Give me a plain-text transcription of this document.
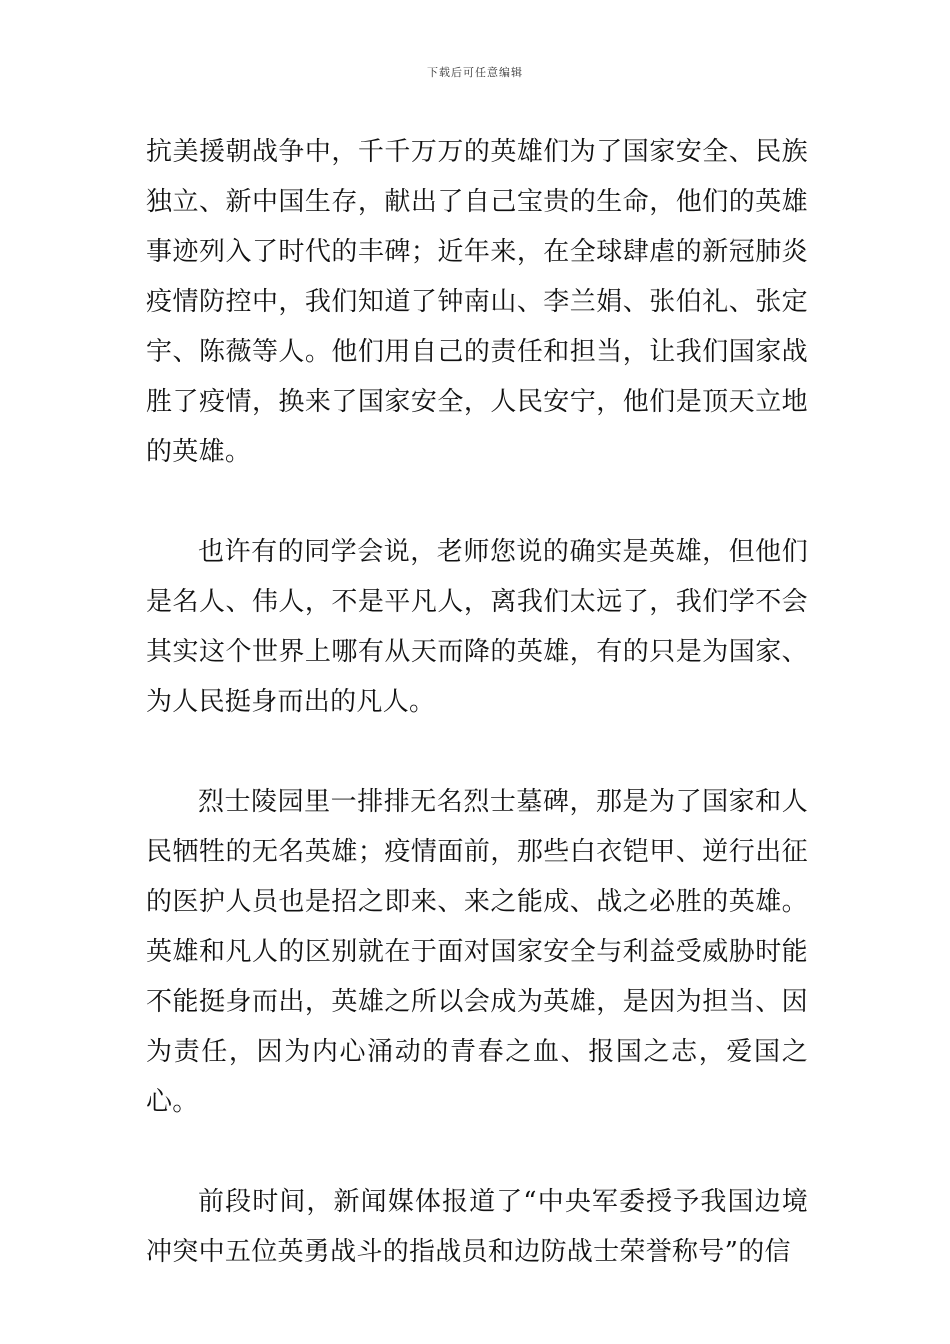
下载后可任意编辑

抗美援朝战争中，千千万万的英雄们为了国家安全、民族独立、新中国生存，献出了自己宝贵的生命，他们的英雄事迹列入了时代的丰碑；近年来，在全球肆虐的新冠肺炎疫情防控中，我们知道了钟南山、李兰娟、张伯礼、张定宇、陈薇等人。他们用自己的责任和担当，让我们国家战胜了疫情，换来了国家安全，人民安宁，他们是顶天立地的英雄。

也许有的同学会说，老师您说的确实是英雄，但他们是名人、伟人，不是平凡人，离我们太远了，我们学不会其实这个世界上哪有从天而降的英雄，有的只是为国家、为人民挺身而出的凡人。

烈士陵园里一排排无名烈士墓碑，那是为了国家和人民牺牲的无名英雄；疫情面前，那些白衣铠甲、逆行出征的医护人员也是招之即来、来之能成、战之必胜的英雄。英雄和凡人的区别就在于面对国家安全与利益受威胁时能不能挺身而出，英雄之所以会成为英雄，是因为担当、因为责任，因为内心涌动的青春之血、报国之志，爱国之心。

前段时间，新闻媒体报道了“中央军委授予我国边境冲突中五位英勇战斗的指战员和边防战士荣誉称号”的信
